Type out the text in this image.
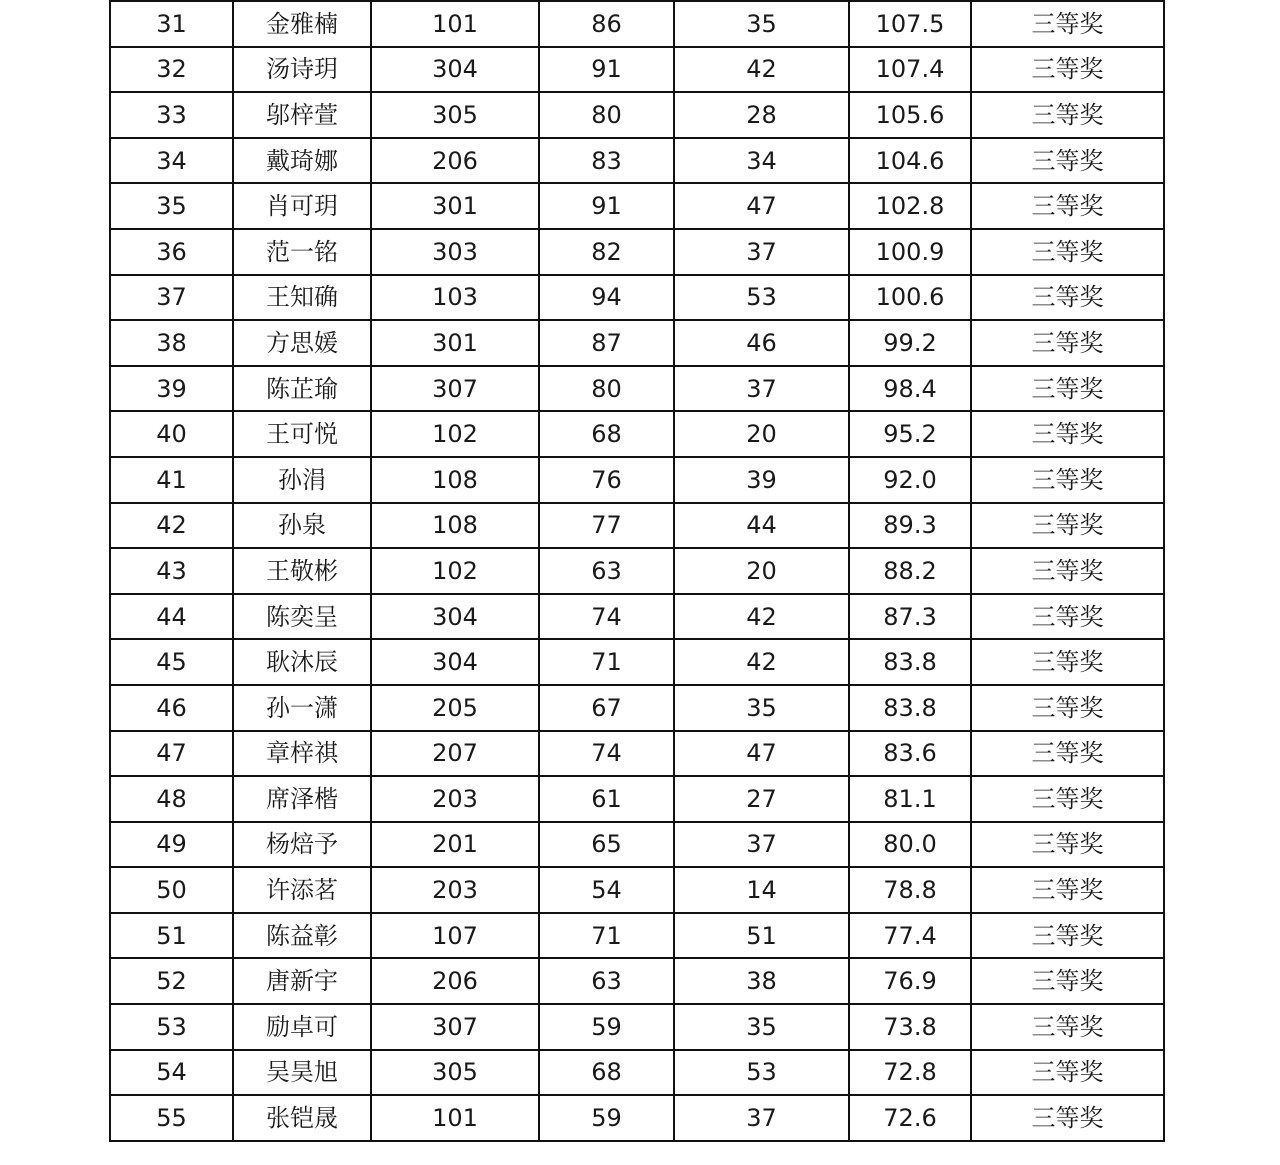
31	金雅楠	101	86	35	107.5	三等奖
32	汤诗玥	304	91	42	107.4	三等奖
33	邬梓萱	305	80	28	105.6	三等奖
34	戴琦娜	206	83	34	104.6	三等奖
35	肖可玥	301	91	47	102.8	三等奖
36	范一铭	303	82	37	100.9	三等奖
37	王知确	103	94	53	100.6	三等奖
38	方思媛	301	87	46	99.2	三等奖
39	陈芷瑜	307	80	37	98.4	三等奖
40	王可悦	102	68	20	95.2	三等奖
41	孙涓	108	76	39	92.0	三等奖
42	孙泉	108	77	44	89.3	三等奖
43	王敬彬	102	63	20	88.2	三等奖
44	陈奕呈	304	74	42	87.3	三等奖
45	耿沐辰	304	71	42	83.8	三等奖
46	孙一潇	205	67	35	83.8	三等奖
47	章梓祺	207	74	47	83.6	三等奖
48	席泽楷	203	61	27	81.1	三等奖
49	杨焙予	201	65	37	80.0	三等奖
50	许添茗	203	54	14	78.8	三等奖
51	陈益彰	107	71	51	77.4	三等奖
52	唐新宇	206	63	38	76.9	三等奖
53	励卓可	307	59	35	73.8	三等奖
54	吴昊旭	305	68	53	72.8	三等奖
55	张铠晟	101	59	37	72.6	三等奖
